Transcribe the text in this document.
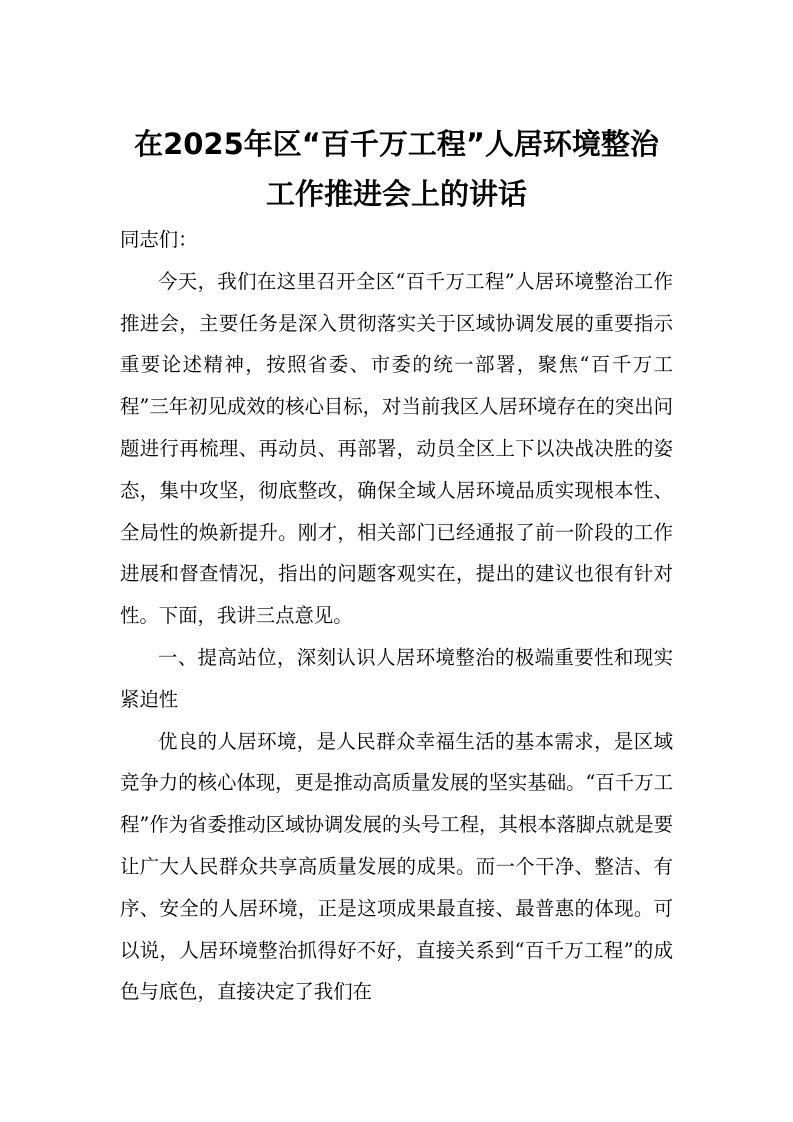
在2025年区“百千万工程”人居环境整治
工作推进会上的讲话

同志们：

今天，我们在这里召开全区“百千万工程”人居环境整治工作推进会，主要任务是深入贯彻落实关于区域协调发展的重要指示重要论述精神，按照省委、市委的统一部署，聚焦“百千万工程”三年初见成效的核心目标，对当前我区人居环境存在的突出问题进行再梳理、再动员、再部署，动员全区上下以决战决胜的姿态，集中攻坚，彻底整改，确保全域人居环境品质实现根本性、全局性的焕新提升。刚才，相关部门已经通报了前一阶段的工作进展和督查情况，指出的问题客观实在，提出的建议也很有针对性。下面，我讲三点意见。

一、提高站位，深刻认识人居环境整治的极端重要性和现实紧迫性

优良的人居环境，是人民群众幸福生活的基本需求，是区域竞争力的核心体现，更是推动高质量发展的坚实基础。“百千万工程”作为省委推动区域协调发展的头号工程，其根本落脚点就是要让广大人民群众共享高质量发展的成果。而一个干净、整洁、有序、安全的人居环境，正是这项成果最直接、最普惠的体现。可以说，人居环境整治抓得好不好，直接关系到“百千万工程”的成色与底色，直接决定了我们在
